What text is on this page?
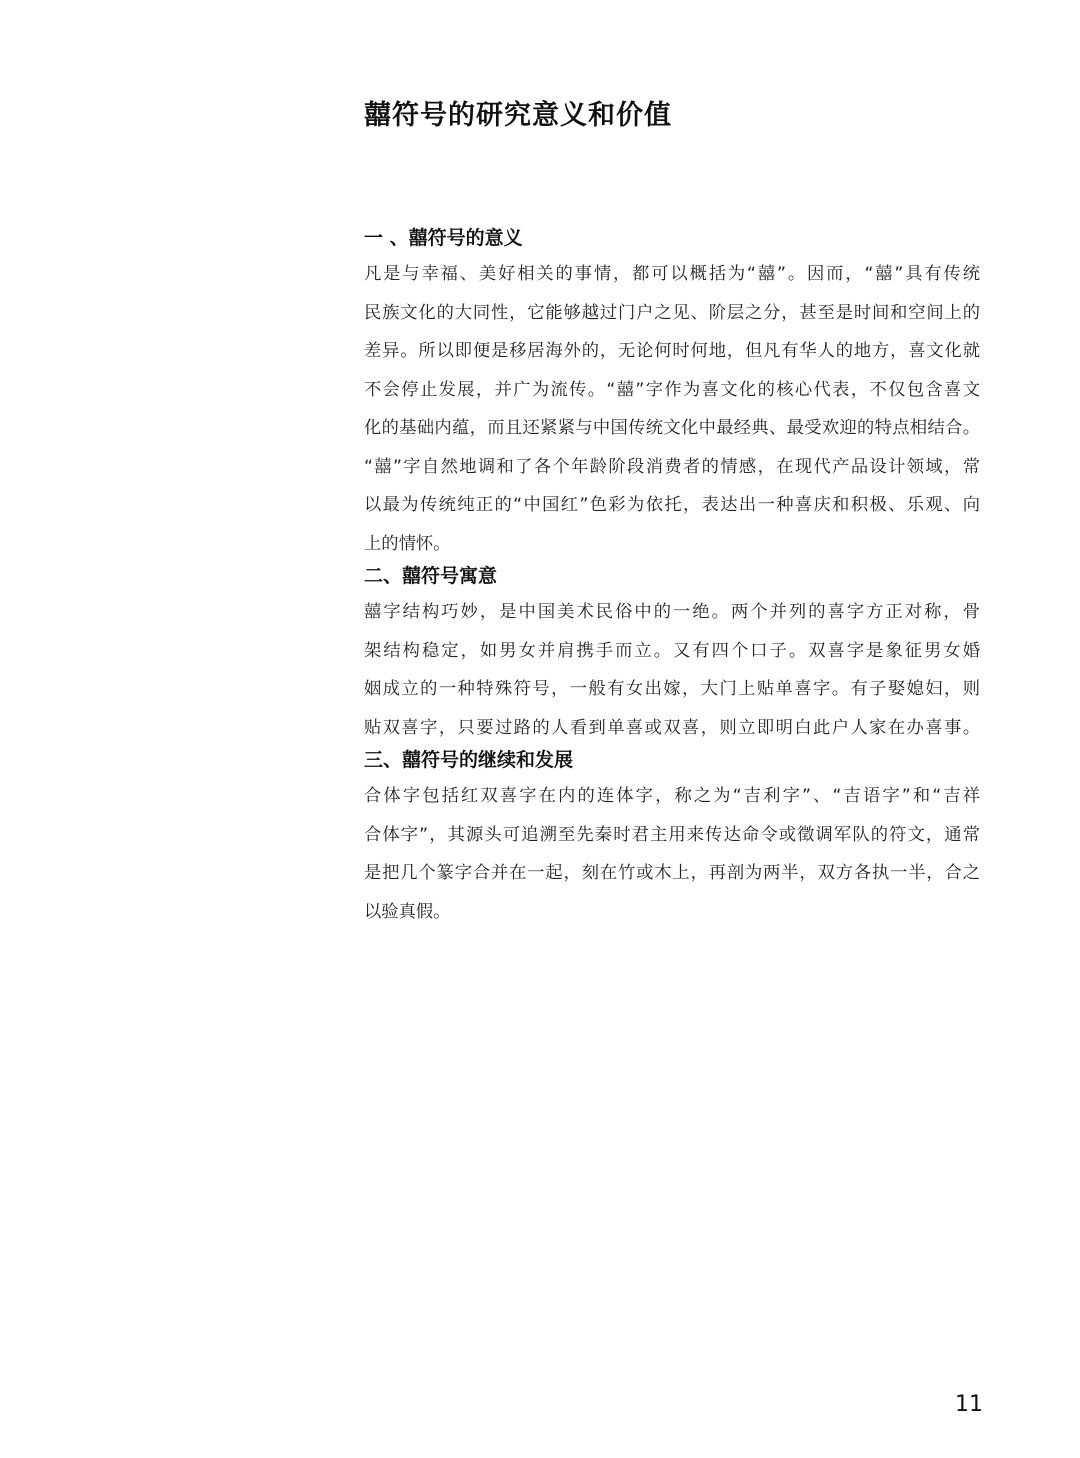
囍符号的研究意义和价值
一 、囍符号的意义
凡是与幸福、美好相关的事情，都可以概括为“囍”。因而，“囍”具有传统
民族文化的大同性，它能够越过门户之见、阶层之分，甚至是时间和空间上的
差异。所以即便是移居海外的，无论何时何地，但凡有华人的地方，喜文化就
不会停止发展，并广为流传。“囍”字作为喜文化的核心代表，不仅包含喜文
化的基础内蕴，而且还紧紧与中国传统文化中最经典、最受欢迎的特点相结合。
“囍”字自然地调和了各个年龄阶段消费者的情感，在现代产品设计领域，常
以最为传统纯正的“中国红”色彩为依托，表达出一种喜庆和积极、乐观、向
上的情怀。
二、囍符号寓意
囍字结构巧妙，是中国美术民俗中的一绝。两个并列的喜字方正对称，骨
架结构稳定，如男女并肩携手而立。又有四个口子。双喜字是象征男女婚
姻成立的一种特殊符号，一般有女出嫁，大门上贴单喜字。有子娶媳妇，则
贴双喜字，只要过路的人看到单喜或双喜，则立即明白此户人家在办喜事。
三、囍符号的继续和发展
合体字包括红双喜字在内的连体字，称之为“吉利字”、“吉语字”和“吉祥
合体字”，其源头可追溯至先秦时君主用来传达命令或徵调军队的符文，通常
是把几个篆字合并在一起，刻在竹或木上，再剖为两半，双方各执一半，合之
以验真假。
11
